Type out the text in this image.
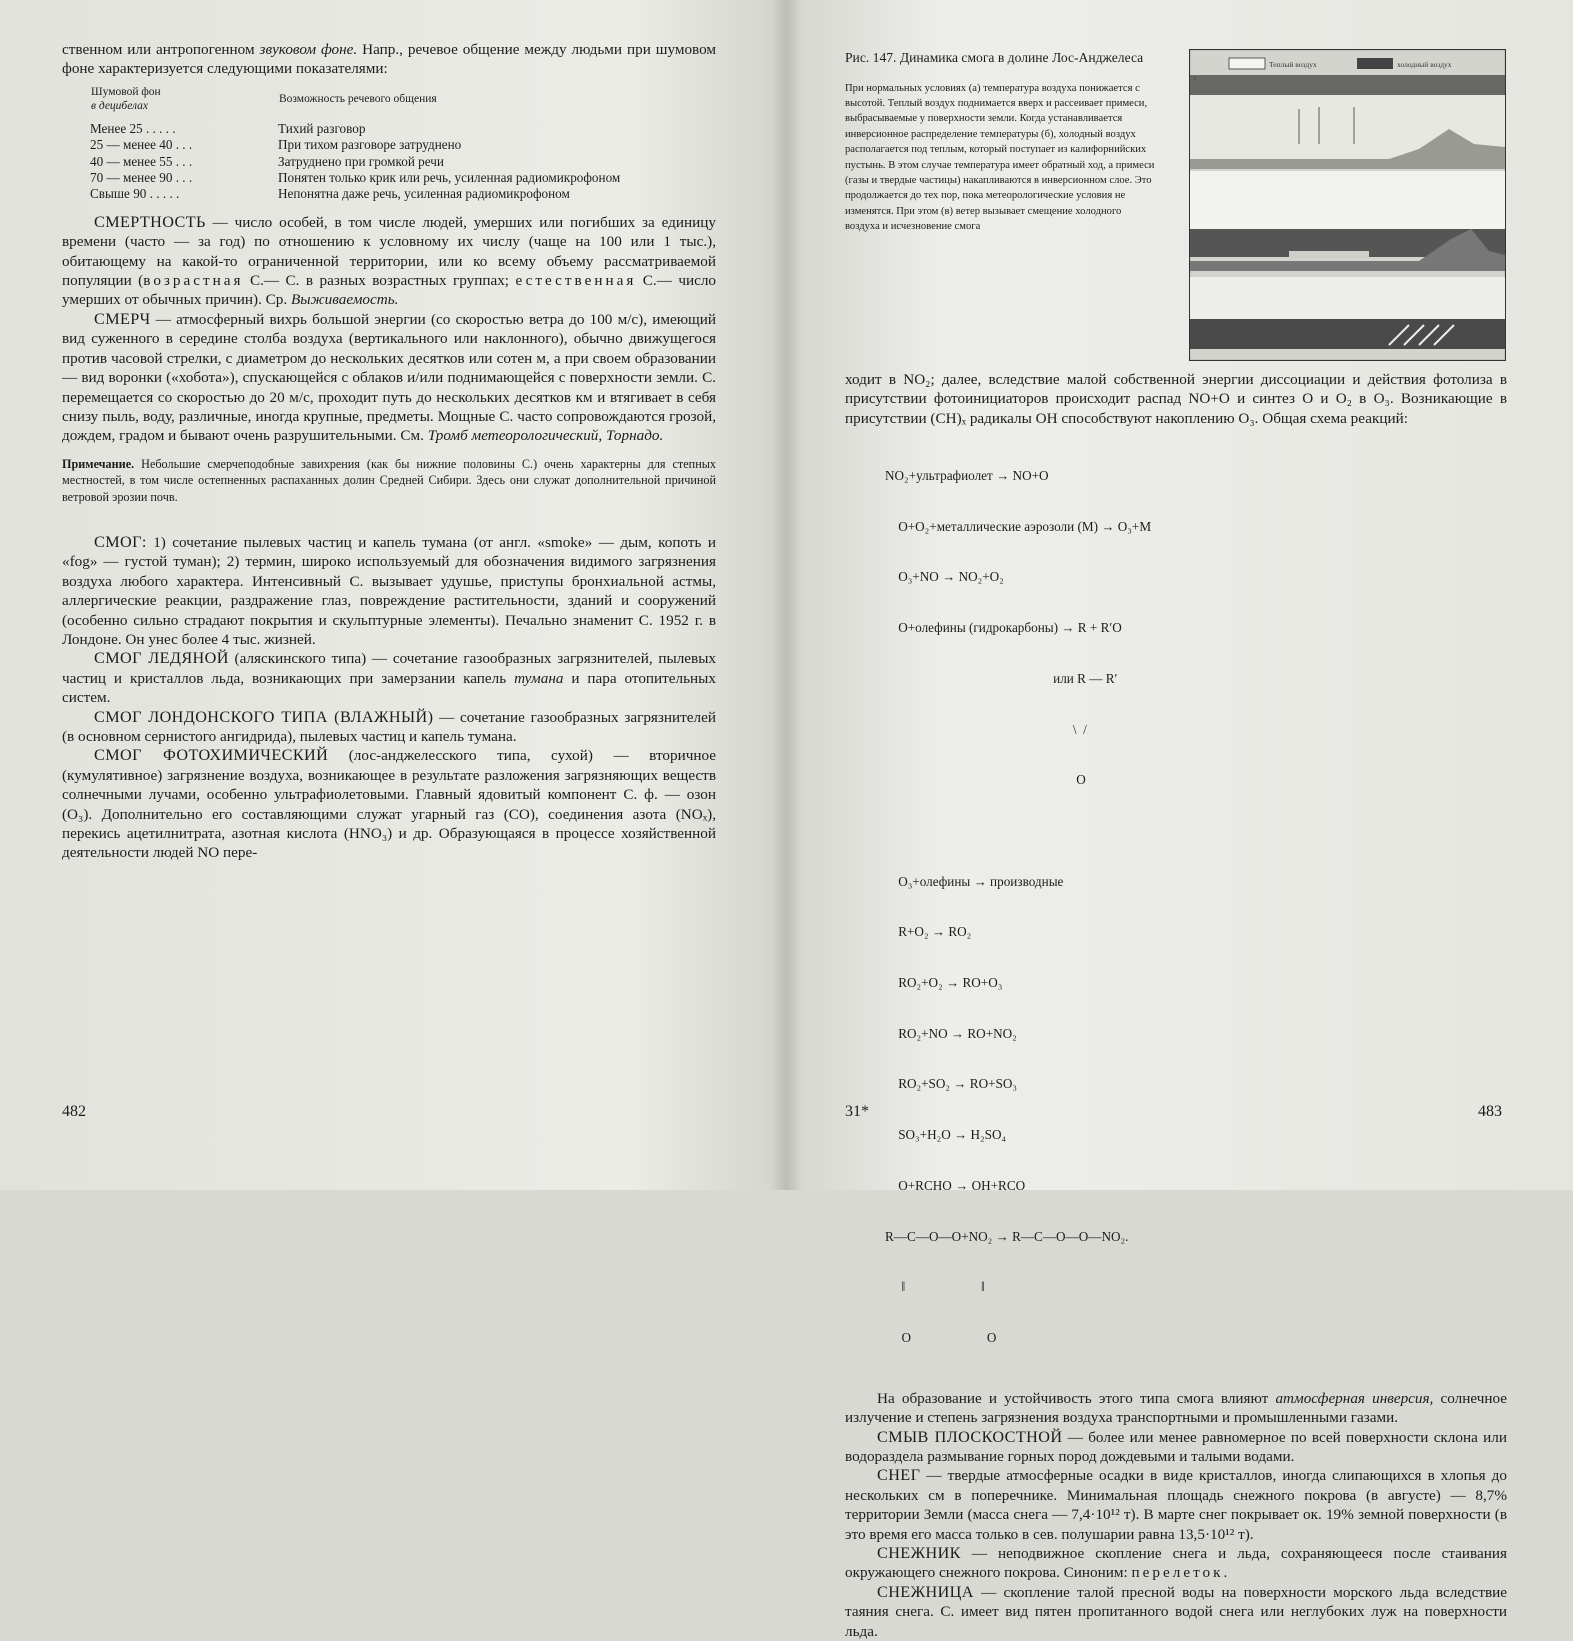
ственном или антропогенном звуковом фоне. Напр., речевое общение между людьми при шумовом фоне характеризуется следующими показателями:

Шумовой фон
в децибелах	Возможность речевого общения
Менее 25 . . . . .	Тихий разговор
25 — менее 40 . . .	При тихом разговоре затруднено
40 — менее 55 . . .	Затруднено при громкой речи
70 — менее 90 . . .	Понятен только крик или речь, усиленная радиомикрофоном
Свыше 90 . . . . .	Непонятна даже речь, усиленная радиомикрофоном

СМЕРТНОСТЬ — число особей, в том числе людей, умерших или погибших за единицу времени (часто — за год) по отношению к условному их числу (чаще на 100 или 1 тыс.), обитающему на какой-то ограниченной территории, или ко всему объему рассматриваемой популяции (возрастная С.— С. в разных возрастных группах; естественная С.— число умерших от обычных причин). Ср. Выживаемость.

СМЕРЧ — атмосферный вихрь большой энергии (со скоростью ветра до 100 м/с), имеющий вид суженного в середине столба воздуха (вертикального или наклонного), обычно движущегося против часовой стрелки, с диаметром до нескольких десятков или сотен м, а при своем образовании — вид воронки («хобота»), спускающейся с облаков и/или поднимающейся с поверхности земли. С. перемещается со скоростью до 20 м/с, проходит путь до нескольких десятков км и втягивает в себя снизу пыль, воду, различные, иногда крупные, предметы. Мощные С. часто сопровождаются грозой, дождем, градом и бывают очень разрушительными. См. Тромб метеорологический, Торнадо.

Примечание. Небольшие смерчеподобные завихрения (как бы нижние половины С.) очень характерны для степных местностей, в том числе остепненных распаханных долин Средней Сибири. Здесь они служат дополнительной причиной ветровой эрозии почв.

СМОГ: 1) сочетание пылевых частиц и капель тумана (от англ. «smoke» — дым, копоть и «fog» — густой туман); 2) термин, широко используемый для обозначения видимого загрязнения воздуха любого характера. Интенсивный С. вызывает удушье, приступы бронхиальной астмы, аллергические реакции, раздражение глаз, повреждение растительности, зданий и сооружений (особенно сильно страдают покрытия и скульптурные элементы). Печально знаменит С. 1952 г. в Лондоне. Он унес более 4 тыс. жизней.

СМОГ ЛЕДЯНОЙ (аляскинского типа) — сочетание газообразных загрязнителей, пылевых частиц и кристаллов льда, возникающих при замерзании капель тумана и пара отопительных систем.

СМОГ ЛОНДОНСКОГО ТИПА (ВЛАЖНЫЙ) — сочетание газообразных загрязнителей (в основном сернистого ангидрида), пылевых частиц и капель тумана.

СМОГ ФОТОХИМИЧЕСКИЙ (лос-анджелесского типа, сухой) — вторичное (кумулятивное) загрязнение воздуха, возникающее в результате разложения загрязняющих веществ солнечными лучами, особенно ультрафиолетовыми. Главный ядовитый компонент С. ф. — озон (O₃). Дополнительно его составляющими служат угарный газ (CO), соединения азота (NOₓ), перекись ацетилнитрата, азотная кислота (HNO₃) и др. Образующаяся в процессе хозяйственной деятельности людей NO пере-

482
Рис. 147. Динамика смога в долине Лос-Анджелеса
При нормальных условиях (а) температура воздуха понижается с высотой. Теплый воздух поднимается вверх и рассеивает примеси, выбрасываемые у поверхности земли. Когда устанавливается инверсионное распределение температуры (б), холодный воздух располагается под теплым, который поступает из калифорнийских пустынь. В этом случае температура имеет обратный ход, а примеси (газы и твердые частицы) накапливаются в инверсионном слое. Это продолжается до тех пор, пока метеорологические условия не изменятся. При этом (в) ветер вызывает смещение холодного воздуха и исчезновение смога
Теплый воздух	холодный воздух

ходит в NO₂; далее, вследствие малой собственной энергии диссоциации и действия фотолиза в присутствии фотоинициаторов происходит распад NO+O и синтез O и O₂ в O₃. Возникающие в присутствии (CH)ₓ радикалы OH способствуют накоплению O₃. Общая схема реакций:

NO₂+ультрафиолет → NO+O

O+O₂+металлические аэрозоли (M) → O₃+M

O₃+NO → NO₂+O₂

O+олефины (гидрокарбоны) → R + R′O

или R — R′

\  /

O

O₃+олефины → производные

R+O₂ → RO₂

RO₂+O₂ → RO+O₃

RO₂+NO → RO+NO₂

RO₂+SO₂ → RO+SO₃

SO₃+H₂O → H₂SO₄

O+RCHO → OH+RCO

R—C—O—O+NO₂ → R—C—O—O—NO₂.

‖                       ‖

O                       O

На образование и устойчивость этого типа смога влияют атмосферная инверсия, солнечное излучение и степень загрязнения воздуха транспортными и промышленными газами.

СМЫВ ПЛОСКОСТНОЙ — более или менее равномерное по всей поверхности склона или водораздела размывание горных пород дождевыми и талыми водами.

СНЕГ — твердые атмосферные осадки в виде кристаллов, иногда слипающихся в хлопья до нескольких см в поперечнике. Минимальная площадь снежного покрова (в августе) — 8,7% территории Земли (масса снега — 7,4·10¹² т). В марте снег покрывает ок. 19% земной поверхности (в это время его масса только в сев. полушарии равна 13,5·10¹² т).

СНЕЖНИК — неподвижное скопление снега и льда, сохраняющееся после стаивания окружающего снежного покрова. Синоним: перелеток.

СНЕЖНИЦА — скопление талой пресной воды на поверхности морского льда вследствие таяния снега. С. имеет вид пятен пропитанного водой снега или неглубоких луж на поверхности льда.

31*	483
